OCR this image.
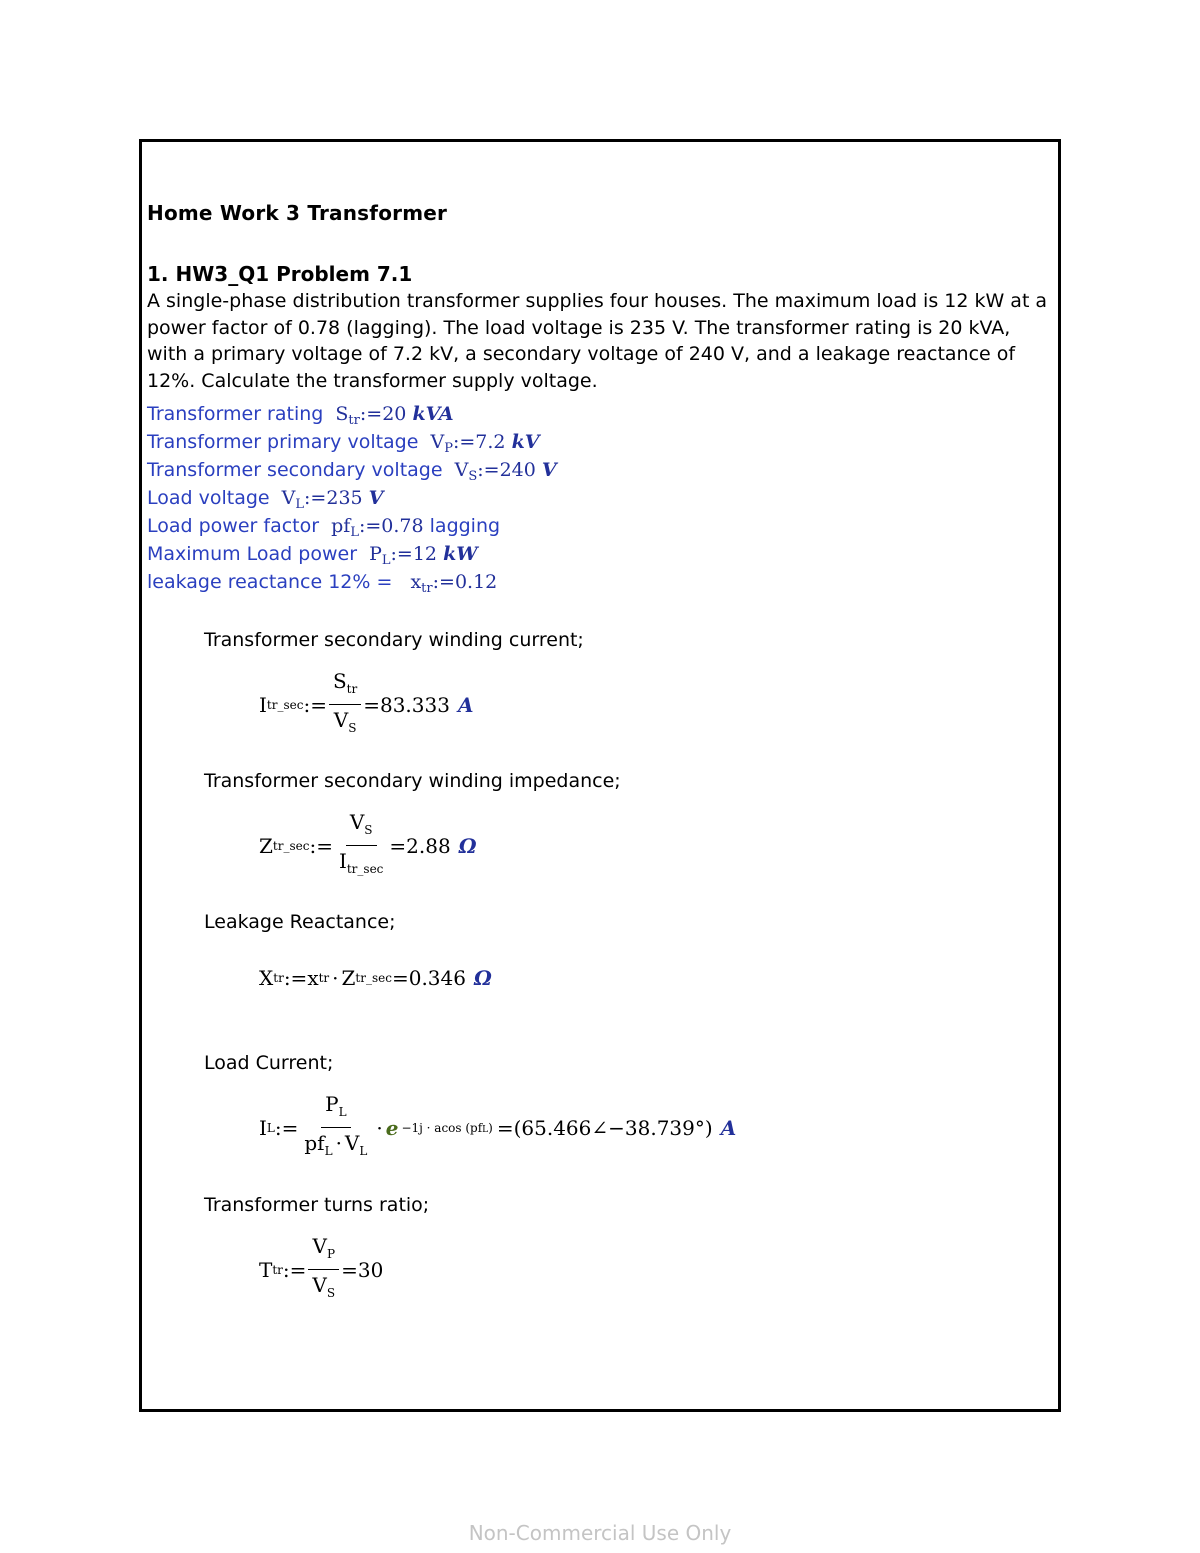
Home Work 3 Transformer
1. HW3_Q1 Problem 7.1
A single-phase distribution transformer supplies four houses. The maximum load is 12 kW at a power factor of 0.78 (lagging). The load voltage is 235 V. The transformer rating is 20 kVA, with a primary voltage of 7.2 kV, a secondary voltage of 240 V, and a leakage reactance of 12%. Calculate the transformer supply voltage.
Transformer rating $S_{tr}:=20$ kVA
Transformer primary voltage $V_P:=7.2$ kV
Transformer secondary voltage $V_S:=240$ V
Load voltage $V_L:=235$ V
Load power factor $pf_L:=0.78$ lagging
Maximum Load power $P_L:=12$ kW
leakage reactance $12\% = x_{tr}:=0.12$
Transformer secondary winding current;
I tr_sec := $\frac{S_{tr}}{V_S} =83.333$ A
Transformer secondary winding impedance;
Z tr_sec := $\frac{V_S}{I_{tr\_sec}} =2.88$ Ω
Leakage Reactance;
X tr := x tr · Z tr_sec =0.346 Ω
Load Current;
I L := $\frac{P_L}{pf_L \cdot V_L} \cdot e -1j \cdot acos$ (pfL) =(65.466∠−38.739°) A
Transformer turns ratio;
T tr := $\frac{V_P}{V_S} =30$
Non-Commercial Use Only
